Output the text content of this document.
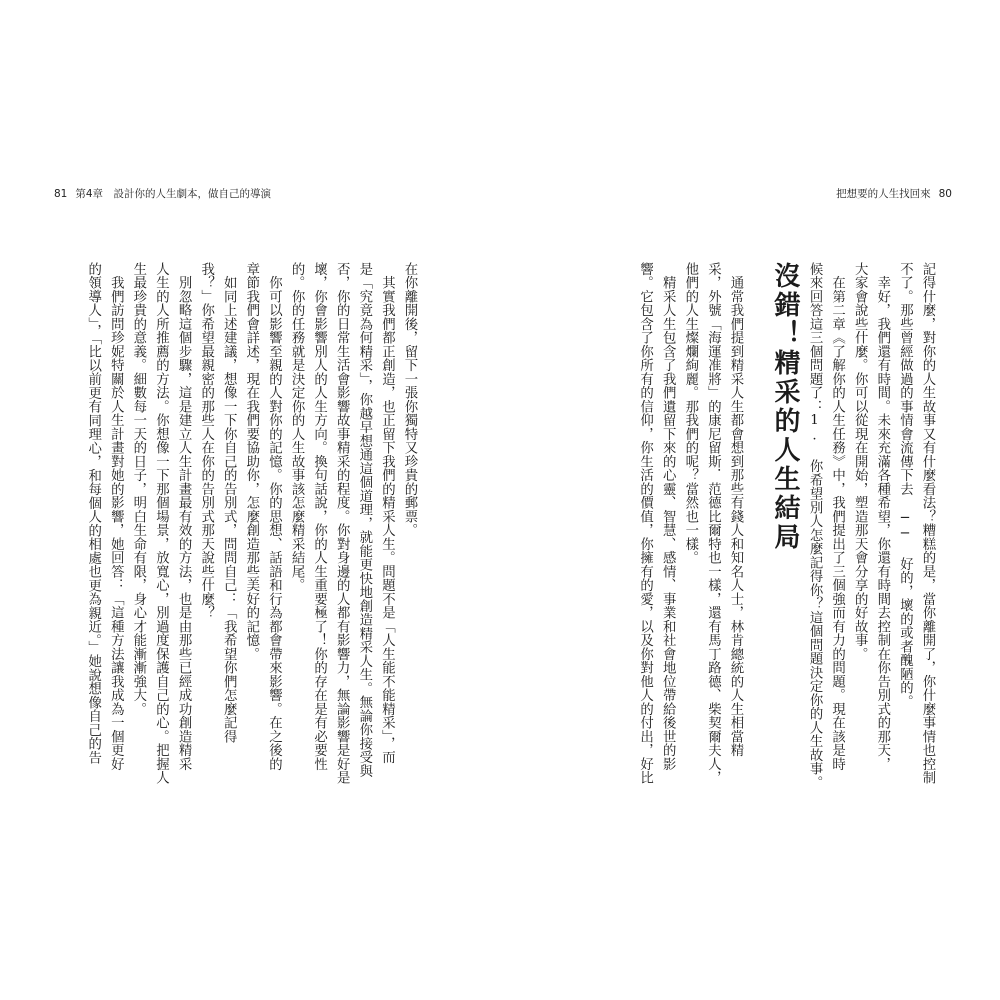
81 第4章　設計你的人生劇本，做自己的導演
在你離開後，留下一張你獨特又珍貴的郵票。
　其實我們都正創造，也正留下我們的精采人生。問題不是「人生能不能精采」，而
是「究竟為何精采」，你越早想通這個道理，就能更快地創造精采人生。無論你接受與
否，你的日常生活會影響故事精采的程度。你對身邊的人都有影響力，無論影響是好是
壞，你會影響別人的人生方向。換句話說，你的人生重要極了！你的存在是有必要性
的。你的任務就是決定你的人生故事該怎麼精采結尾。
　你可以影響至親的人對你的記憶。你的思想、話語和行為都會帶來影響。在之後的
章節我們會詳述，現在我們要協助你，怎麼創造那些美好的記憶。
　如同上述建議，想像一下你自己的告別式，問問自己：「我希望你們怎麼記得
我？」你希望最親密的那些人在你的告別式那天說些什麼？
　別忽略這個步驟，這是建立人生計畫最有效的方法，也是由那些已經成功創造精采
人生的人所推薦的方法。你想像一下那個場景，放寬心，別過度保護自己的心。把握人
生最珍貴的意義。細數每一天的日子，明白生命有限，身心才能漸漸強大。
　我們訪問珍妮特關於人生計畫對她的影響，她回答：「這種方法讓我成為一個更好
的領導人」，「比以前更有同理心，和每個人的相處也更為親近。」她說想像自己的告
把想要的人生找回來 80
記得什麼，對你的人生故事又有什麼看法？糟糕的是，當你離開了，你什麼事情也控制
不了。那些曾經做過的事情會流傳下去 ── 好的，壞的或者醜陋的。
　幸好，我們還有時間。未來充滿各種希望，你還有時間去控制在你告別式的那天，
大家會說些什麼。你可以從現在開始，塑造那天會分享的好故事。
　在第二章《了解你的人生任務》中，我們提出了三個強而有力的問題。現在該是時
候來回答這三個問題了：1. 你希望別人怎麼記得你？這個問題決定你的人生故事。
沒錯！精采的人生結局
　通常我們提到精采人生都會想到那些有錢人和知名人士，林肯總統的人生相當精
采，外號「海運准將」的康尼留斯．范德比爾特也一樣，還有馬丁路德、柴契爾夫人，
他們的人生燦爛絢麗。那我們的呢？當然也一樣。
　精采人生包含了我們遺留下來的心靈、智慧、感情、事業和社會地位帶給後世的影
響。它包含了你所有的信仰，你生活的價值，你擁有的愛，以及你對他人的付出，好比
